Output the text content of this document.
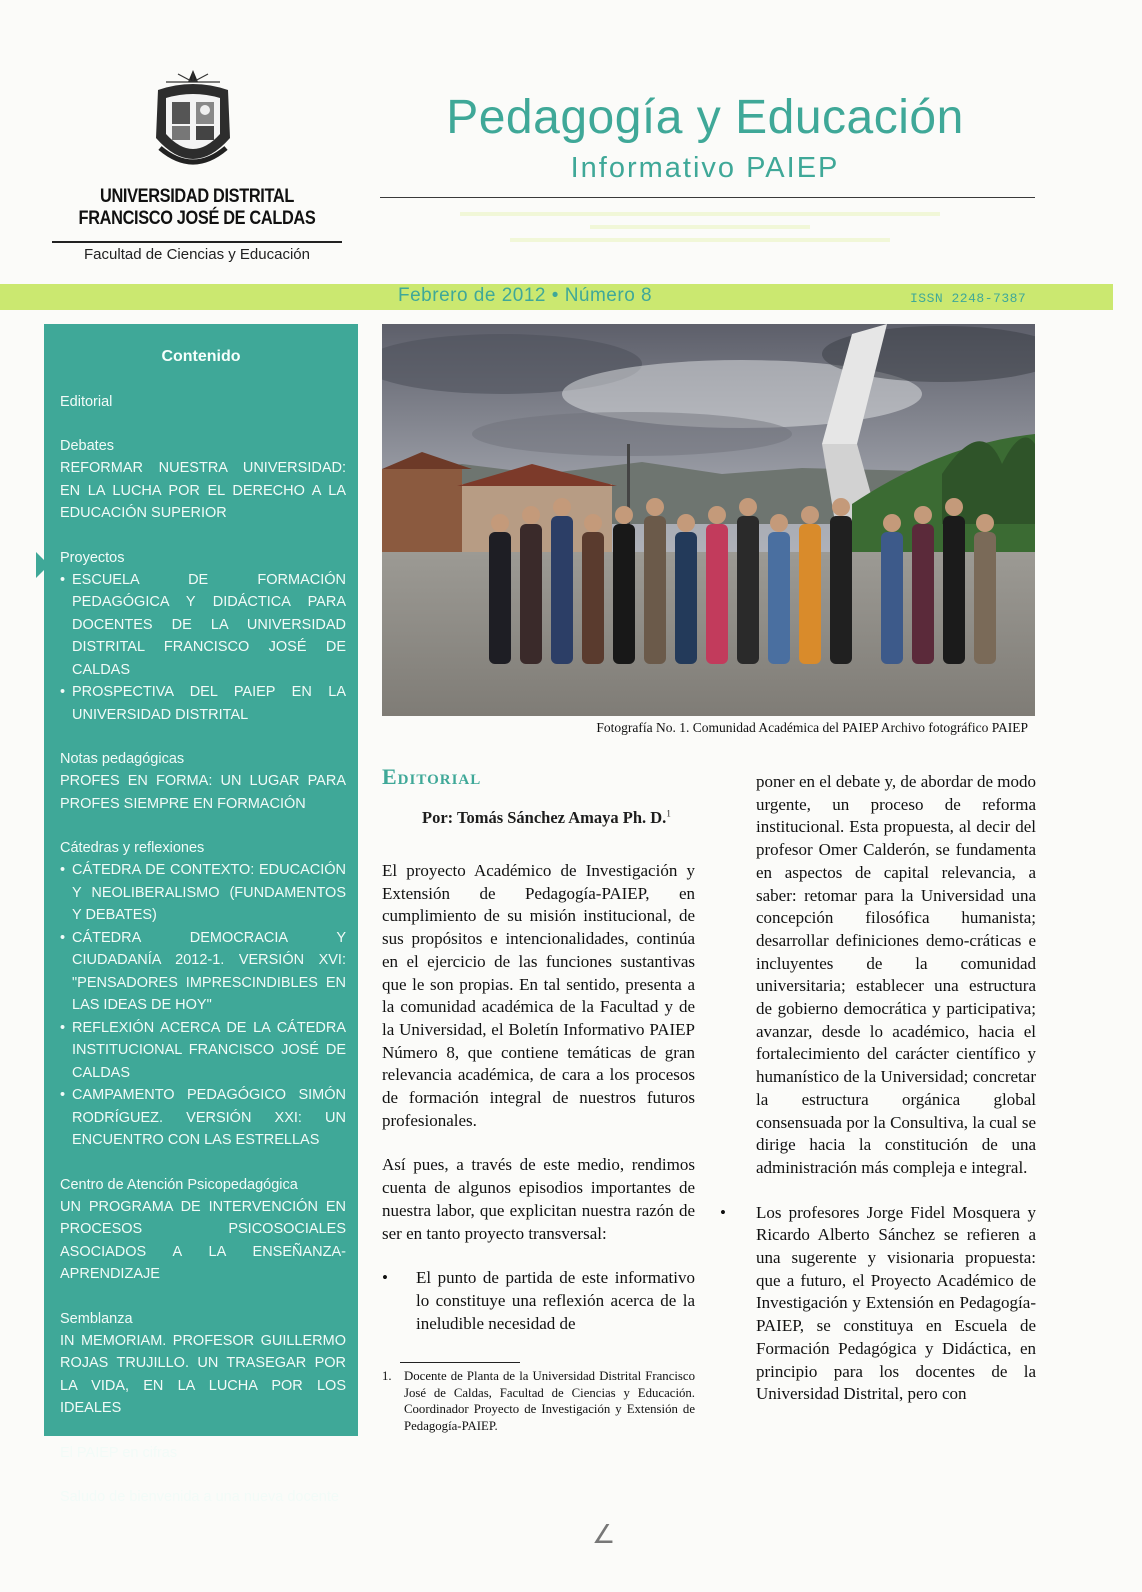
UNIVERSIDAD DISTRITAL
FRANCISCO JOSÉ DE CALDAS
Facultad de Ciencias y Educación
Pedagogía y Educación
Informativo PAIEP
Febrero de 2012 • Número 8	ISSN 2248-7387
Contenido
Editorial
Debates
REFORMAR NUESTRA UNIVERSIDAD: EN LA LUCHA POR EL DERECHO A LA EDUCACIÓN SUPERIOR
Proyectos
• ESCUELA DE FORMACIÓN PEDAGÓGICA Y DIDÁCTICA PARA DOCENTES DE LA UNIVERSIDAD DISTRITAL FRANCISCO JOSÉ DE CALDAS
• PROSPECTIVA DEL PAIEP EN LA UNIVERSIDAD DISTRITAL
Notas pedagógicas
PROFES EN FORMA: UN LUGAR PARA PROFES SIEMPRE EN FORMACIÓN
Cátedras y reflexiones
• CÁTEDRA DE CONTEXTO: EDUCACIÓN Y NEOLIBERALISMO (FUNDAMENTOS Y DEBATES)
• CÁTEDRA DEMOCRACIA Y CIUDADANÍA 2012-1. VERSIÓN XVI: "PENSADORES IMPRESCINDIBLES EN LAS IDEAS DE HOY"
• REFLEXIÓN ACERCA DE LA CÁTEDRA INSTITUCIONAL FRANCISCO JOSÉ DE CALDAS
• CAMPAMENTO PEDAGÓGICO SIMÓN RODRÍGUEZ. VERSIÓN XXI: UN ENCUENTRO CON LAS ESTRELLAS
Centro de Atención Psicopedagógica
UN PROGRAMA DE INTERVENCIÓN EN PROCESOS PSICOSOCIALES ASOCIADOS A LA ENSEÑANZA-APRENDIZAJE
Semblanza
IN MEMORIAM. PROFESOR GUILLERMO ROJAS TRUJILLO. UN TRASEGAR POR LA VIDA, EN LA LUCHA POR LOS IDEALES
El PAIEP en cifras
Saludo de bienvenida a una nueva docente
Fotografía No. 1. Comunidad Académica del PAIEP Archivo fotográfico PAIEP
Editorial
Por: Tomás Sánchez Amaya Ph. D.$^1$

El proyecto Académico de Investigación y Extensión de Pedagogía-PAIEP, en cumplimiento de su misión institucional, de sus propósitos e intencionalidades, continúa en el ejercicio de las funciones sustantivas que le son propias. En tal sentido, presenta a la comunidad académica de la Facultad y de la Universidad, el Boletín Informativo PAIEP Número 8, que contiene temáticas de gran relevancia académica, de cara a los procesos de formación integral de nuestros futuros profesionales.

Así pues, a través de este medio, rendimos cuenta de algunos episodios importantes de nuestra labor, que explicitan nuestra razón de ser en tanto proyecto transversal:

• El punto de partida de este informativo lo constituye una reflexión acerca de la ineludible necesidad de

poner en el debate y, de abordar de modo urgente, un proceso de reforma institucional. Esta propuesta, al decir del profesor Omer Calderón, se fundamenta en aspectos de capital relevancia, a saber: retomar para la Universidad una concepción filosófica humanista; desarrollar definiciones demo-cráticas e incluyentes de la comunidad universitaria; establecer una estructura de gobierno democrática y participativa; avanzar, desde lo académico, hacia el fortalecimiento del carácter científico y humanístico de la Universidad; concretar la estructura orgánica global consensuada por la Consultiva, la cual se dirige hacia la constitución de una administración más compleja e integral.

• Los profesores Jorge Fidel Mosquera y Ricardo Alberto Sánchez se refieren a una sugerente y visionaria propuesta: que a futuro, el Proyecto Académico de Investigación y Extensión en Pedagogía-PAIEP, se constituya en Escuela de Formación Pedagógica y Didáctica, en principio para los docentes de la Universidad Distrital, pero con

1. Docente de Planta de la Universidad Distrital Francisco José de Caldas, Facultad de Ciencias y Educación. Coordinador Proyecto de Investigación y Extensión de Pedagogía-PAIEP.
∠
